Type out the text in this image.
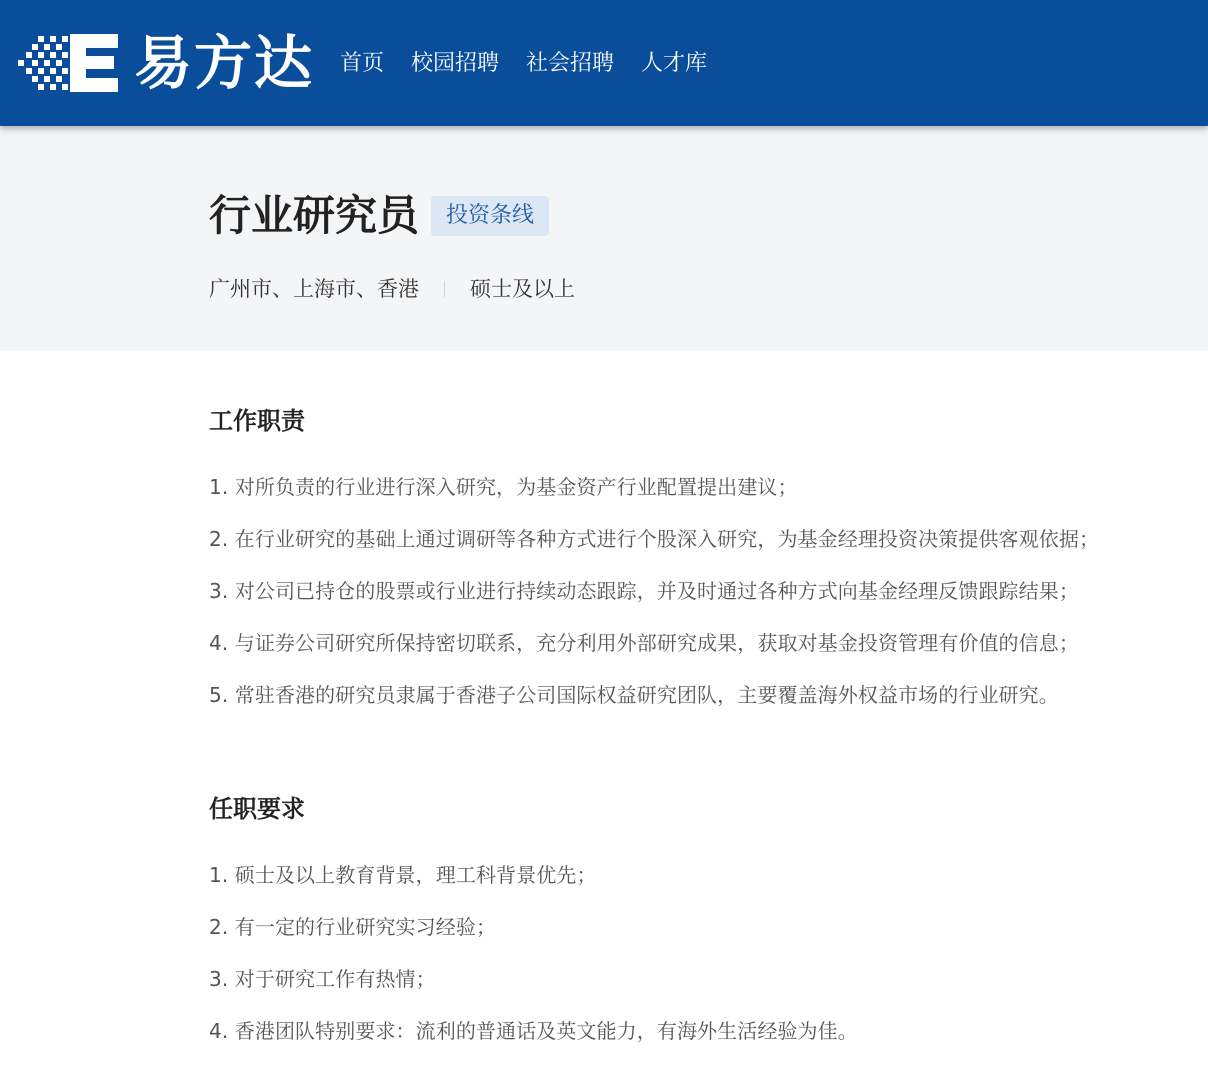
易方达 首页 校园招聘 社会招聘 人才库
行业研究员	投资条线
广州市、上海市、香港 硕士及以上
工作职责
1. 对所负责的行业进行深入研究，为基金资产行业配置提出建议；
2. 在行业研究的基础上通过调研等各种方式进行个股深入研究，为基金经理投资决策提供客观依据；
3. 对公司已持仓的股票或行业进行持续动态跟踪，并及时通过各种方式向基金经理反馈跟踪结果；
4. 与证券公司研究所保持密切联系，充分利用外部研究成果，获取对基金投资管理有价值的信息；
5. 常驻香港的研究员隶属于香港子公司国际权益研究团队，主要覆盖海外权益市场的行业研究。
任职要求
1. 硕士及以上教育背景，理工科背景优先；
2. 有一定的行业研究实习经验；
3. 对于研究工作有热情；
4. 香港团队特别要求：流利的普通话及英文能力，有海外生活经验为佳。
